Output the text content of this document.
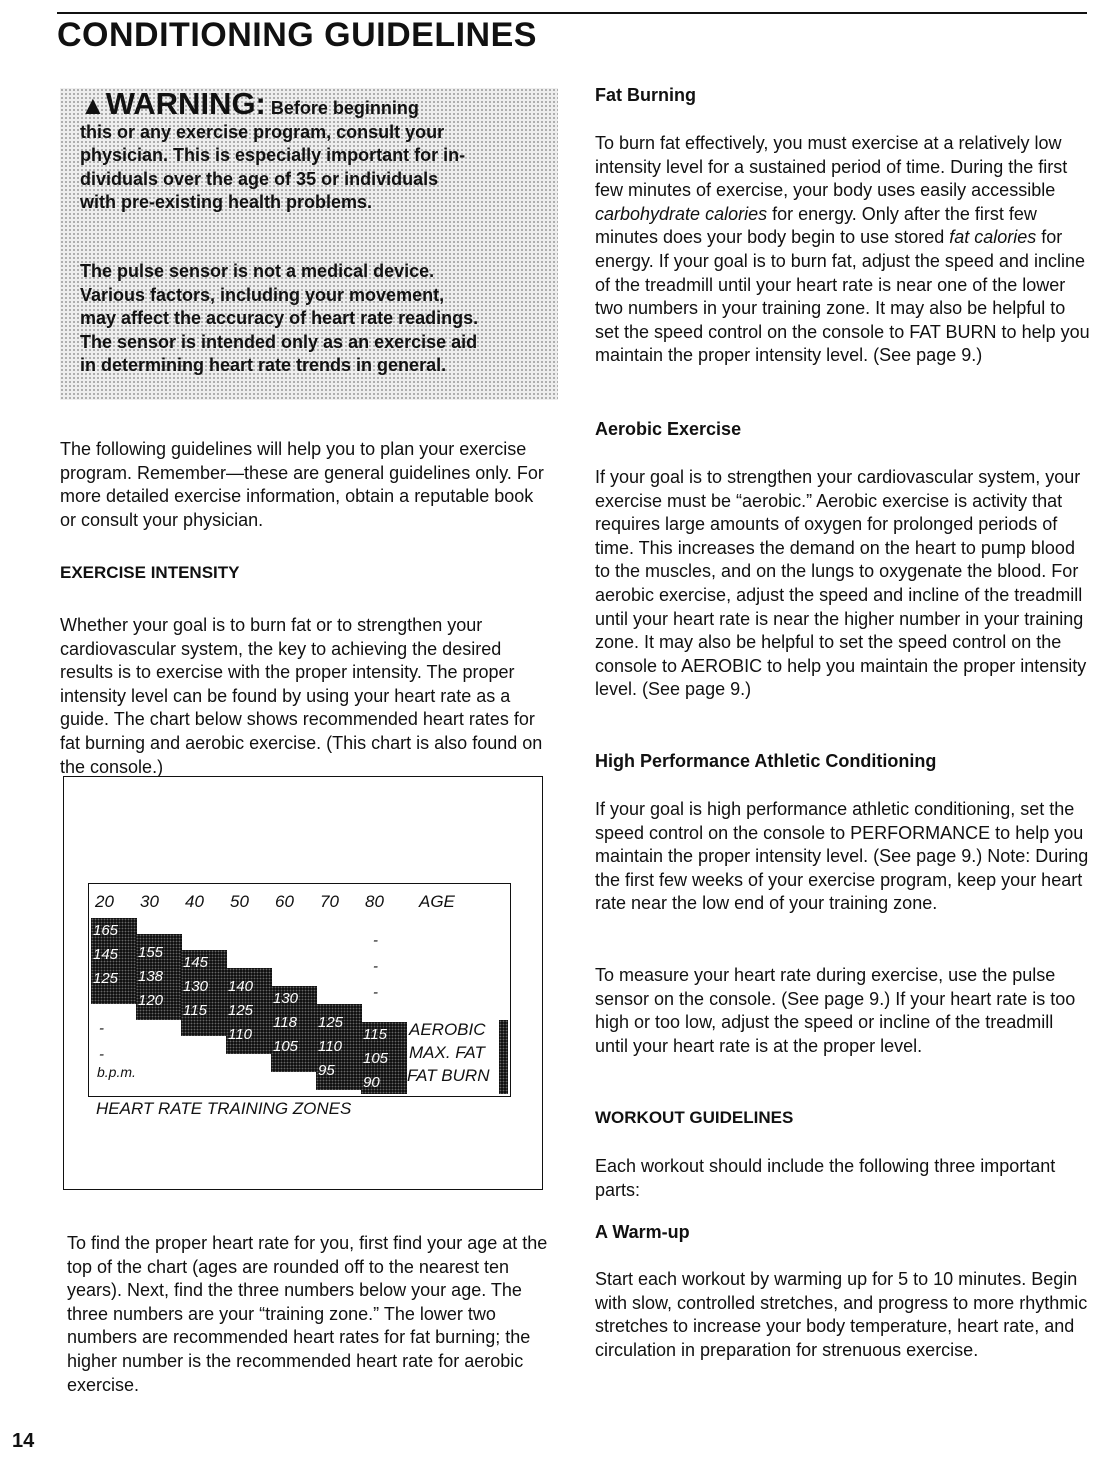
CONDITIONING GUIDELINES
▲WARNING: Before beginning
this or any exercise program, consult your
physician. This is especially important for in-
dividuals over the age of 35 or individuals
with pre-existing health problems.
The pulse sensor is not a medical device.
Various factors, including your movement,
may affect the accuracy of heart rate readings.
The sensor is intended only as an exercise aid
in determining heart rate trends in general.

The following guidelines will help you to plan your exercise program. Remember—these are general guidelines only. For more detailed exercise information, obtain a reputable book or consult your physician.

EXERCISE INTENSITY

Whether your goal is to burn fat or to strengthen your cardiovascular system, the key to achieving the desired results is to exercise with the proper intensity. The proper intensity level can be found by using your heart rate as a guide. The chart below shows recommended heart rates for fat burning and aerobic exercise. (This chart is also found on the console.)

AGE
b.p.m.
AEROBIC
MAX. FAT
FAT BURN
-
-
-
-
-
20
165
145
125
30
155
138
120
40
145
130
115
50
140
125
110
60
130
118
105
70
125
110
95
80
115
105
90
HEART RATE TRAINING ZONES

To find the proper heart rate for you, first find your age at the top of the chart (ages are rounded off to the nearest ten years). Next, find the three numbers below your age. The three numbers are your “training zone.” The lower two numbers are recommended heart rates for fat burning; the higher number is the recommended heart rate for aerobic exercise.

Fat Burning

To burn fat effectively, you must exercise at a relatively low intensity level for a sustained period of time. During the first few minutes of exercise, your body uses easily accessible carbohydrate calories for energy. Only after the first few minutes does your body begin to use stored fat calories for energy. If your goal is to burn fat, adjust the speed and incline of the treadmill until your heart rate is near one of the lower two numbers in your training zone. It may also be helpful to set the speed control on the console to FAT BURN to help you maintain the proper intensity level. (See page 9.)

Aerobic Exercise

If your goal is to strengthen your cardiovascular system, your exercise must be “aerobic.” Aerobic exercise is activity that requires large amounts of oxygen for prolonged periods of time. This increases the demand on the heart to pump blood to the muscles, and on the lungs to oxygenate the blood. For aerobic exercise, adjust the speed and incline of the treadmill until your heart rate is near the higher number in your training zone. It may also be helpful to set the speed control on the console to AEROBIC to help you maintain the proper intensity level. (See page 9.)

High Performance Athletic Conditioning

If your goal is high performance athletic conditioning, set the speed control on the console to PERFORMANCE to help you maintain the proper intensity level. (See page 9.) Note: During the first few weeks of your exercise program, keep your heart rate near the low end of your training zone.

To measure your heart rate during exercise, use the pulse sensor on the console. (See page 9.) If your heart rate is too high or too low, adjust the speed or incline of the treadmill until your heart rate is at the proper level.

WORKOUT GUIDELINES

Each workout should include the following three important parts:

A Warm-up

Start each workout by warming up for 5 to 10 minutes. Begin with slow, controlled stretches, and progress to more rhythmic stretches to increase your body temperature, heart rate, and circulation in preparation for strenuous exercise.

14
